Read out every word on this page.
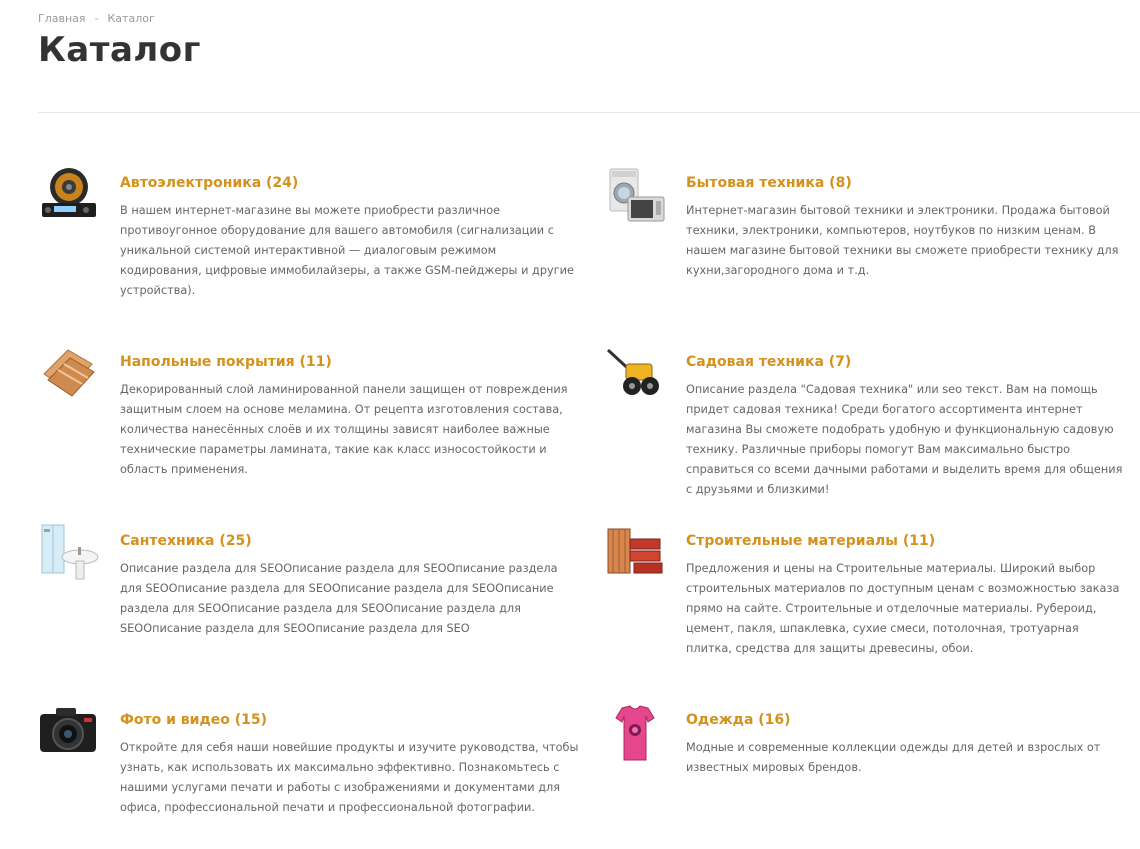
Главная - Каталог
Каталог
Автоэлектроника (24)

В нашем интернет-магазине вы можете приобрести различное противоугонное оборудование для вашего автомобиля (сигнализации с уникальной системой интерактивной — диалоговым режимом кодирования, цифровые иммобилайзеры, а также GSM-пейджеры и другие устройства).

Бытовая техника (8)

Интернет-магазин бытовой техники и электроники. Продажа бытовой техники, электроники, компьютеров, ноутбуков по низким ценам. В нашем магазине бытовой техники вы сможете приобрести технику для кухни,загородного дома и т.д.

Напольные покрытия (11)

Декорированный слой ламинированной панели защищен от повреждения защитным слоем на основе меламина. От рецепта изготовления состава, количества нанесённых слоёв и их толщины зависят наиболее важные технические параметры ламината, такие как класс износостойкости и область применения.

Садовая техника (7)

Описание раздела "Садовая техника" или seo текст. Вам на помощь придет садовая техника! Среди богатого ассортимента интернет магазина Вы сможете подобрать удобную и функциональную садовую технику. Различные приборы помогут Вам максимально быстро справиться со всеми дачными работами и выделить время для общения с друзьями и близкими!

Сантехника (25)

Описание раздела для SEOОписание раздела для SEOОписание раздела для SEOОписание раздела для SEOОписание раздела для SEOОписание раздела для SEOОписание раздела для SEOОписание раздела для SEOОписание раздела для SEOОписание раздела для SEO

Строительные материалы (11)

Предложения и цены на Строительные материалы. Широкий выбор строительных материалов по доступным ценам с возможностью заказа прямо на сайте. Строительные и отделочные материалы. Рубероид, цемент, пакля, шпаклевка, сухие смеси, потолочная, тротуарная плитка, средства для защиты древесины, обои.

Фото и видео (15)

Откройте для себя наши новейшие продукты и изучите руководства, чтобы узнать, как использовать их максимально эффективно. Познакомьтесь с нашими услугами печати и работы с изображениями и документами для офиса, профессиональной печати и профессиональной фотографии.

Одежда (16)

Модные и современные коллекции одежды для детей и взрослых от известных мировых брендов.
